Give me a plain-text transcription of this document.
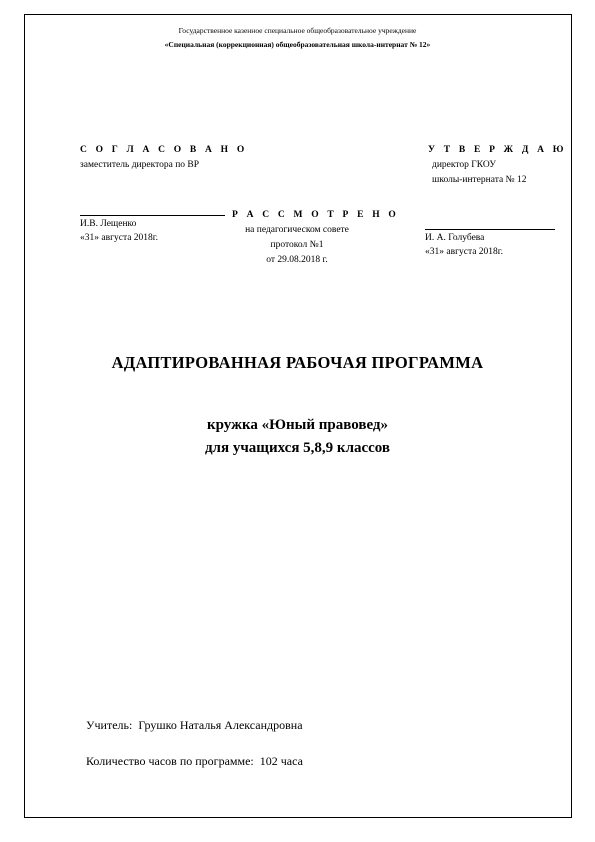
Государственное казенное специальное общеобразовательное учреждение
«Специальная (коррекционная) общеобразовательная школа-интернат № 12»
С О Г Л А С О В А Н О
заместитель директора по ВР
И.В. Лещенко
«31» августа 2018г.
Р А С С М О Т Р Е Н О
на педагогическом совете
протокол №1
от 29.08.2018 г.
У Т В Е Р Ж Д А Ю
директор ГКОУ
школы-интерната № 12
И. А. Голубева
«31» августа 2018г.
АДАПТИРОВАННАЯ РАБОЧАЯ ПРОГРАММА
кружка «Юный правовед»
для учащихся 5,8,9 классов
Учитель: Грушко Наталья Александровна
Количество часов по программе: 102 часа
